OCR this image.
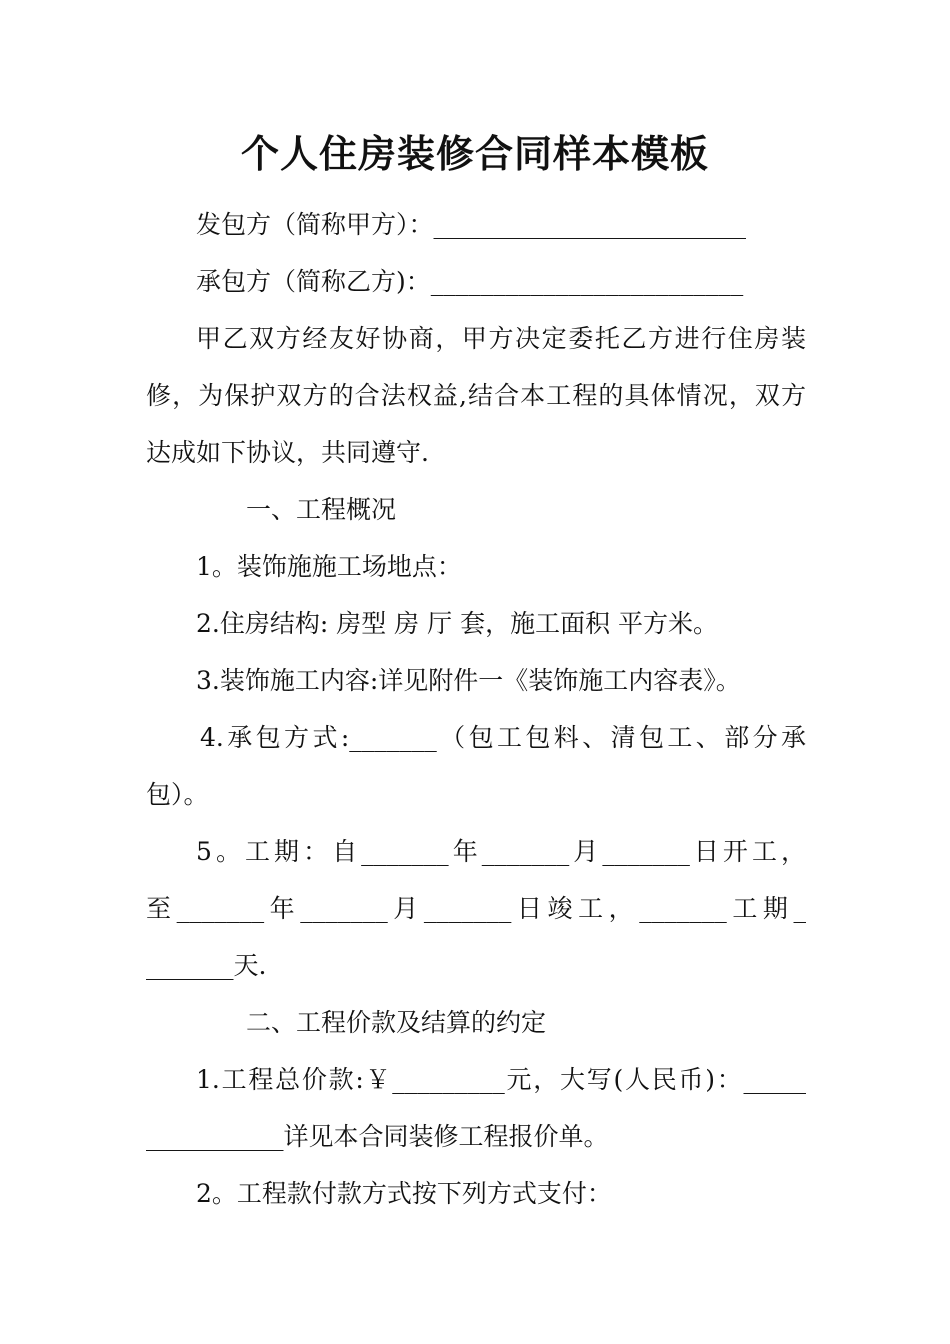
个人住房装修合同样本模板
发包方（简称甲方）：_________________________
承包方（简称乙方)：_________________________
甲乙双方经友好协商，甲方决定委托乙方进行住房装
修，为保护双方的合法权益,结合本工程的具体情况，双方
达成如下协议，共同遵守.
一、工程概况
1。装饰施施工场地点：
2.住房结构: 房型 房 厅 套，施工面积 平方米。
3.装饰施工内容:详见附件一《装饰施工内容表》。
4.承包方式:_______（包工包料、清包工、部分承
包）。
5。工期：自_______年_______月_______日开工，
至_______年_______月_______日竣工，_______工期_
_______天.
二、工程价款及结算的约定
1.工程总价款:￥_________元，大写(人民币)：_____
___________详见本合同装修工程报价单。
2。工程款付款方式按下列方式支付：
